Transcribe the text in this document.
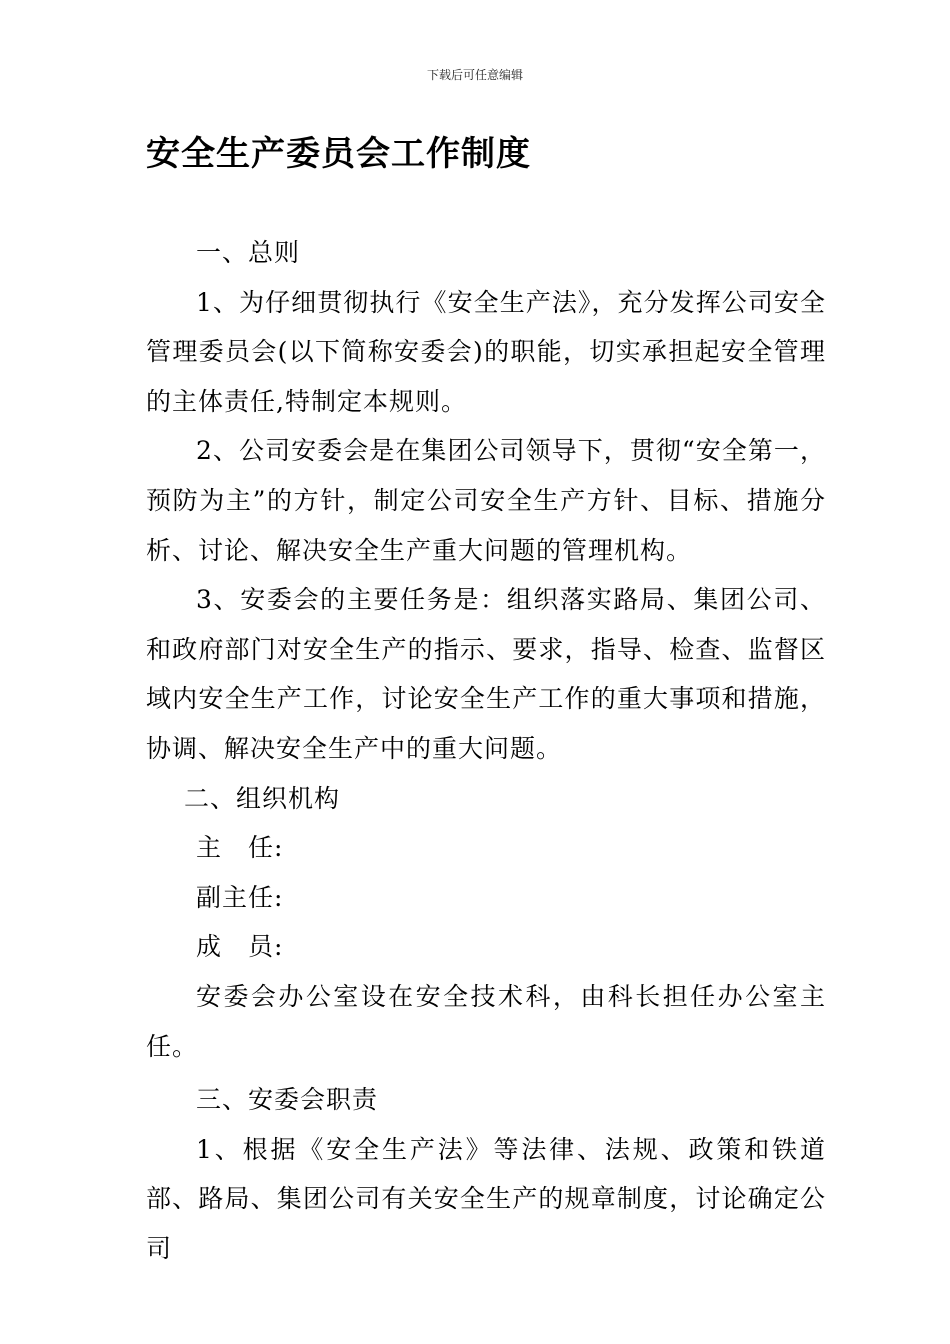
下载后可任意编辑
安全生产委员会工作制度

一、总则

1、为仔细贯彻执行《安全生产法》，充分发挥公司安全管理委员会(以下简称安委会)的职能，切实承担起安全管理的主体责任,特制定本规则。

2、公司安委会是在集团公司领导下，贯彻“安全第一，预防为主”的方针，制定公司安全生产方针、目标、措施分析、讨论、解决安全生产重大问题的管理机构。

3、安委会的主要任务是：组织落实路局、集团公司、和政府部门对安全生产的指示、要求，指导、检查、监督区域内安全生产工作，讨论安全生产工作的重大事项和措施，协调、解决安全生产中的重大问题。

二、组织机构

主　任:

副主任:

成　员:

安委会办公室设在安全技术科，由科长担任办公室主任。

三、安委会职责

1、根据《安全生产法》等法律、法规、政策和铁道部、路局、集团公司有关安全生产的规章制度，讨论确定公司
